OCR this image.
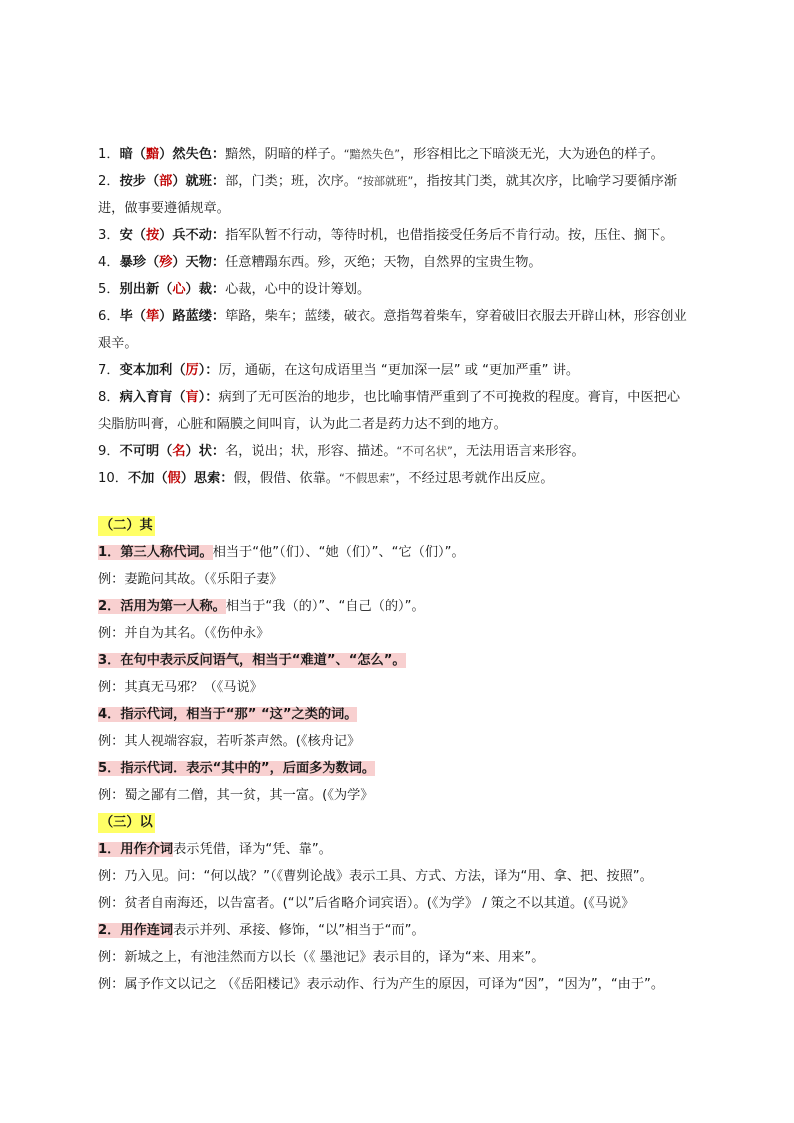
1．暗（黯）然失色：黯然，阴暗的样子。“黯然失色”，形容相比之下暗淡无光，大为逊色的样子。
2．按步（部）就班：部，门类；班，次序。“按部就班”，指按其门类，就其次序，比喻学习要循序渐
进，做事要遵循规章。
3．安（按）兵不动：指军队暂不行动，等待时机，也借指接受任务后不肯行动。按，压住、搁下。
4．暴珍（殄）天物：任意糟蹋东西。殄，灭绝；天物，自然界的宝贵生物。
5．别出新（心）裁：心裁，心中的设计筹划。
6．毕（筚）路蓝缕：筚路，柴车；蓝缕，破衣。意指驾着柴车，穿着破旧衣服去开辟山林，形容创业
艰辛。
7．变本加利（厉）：厉，通砺，在这句成语里当 “更加深一层” 或 “更加严重” 讲。
8．病入育肓（肓）：病到了无可医治的地步，也比喻事情严重到了不可挽救的程度。膏肓，中医把心
尖脂肪叫膏，心脏和隔膜之间叫肓，认为此二者是药力达不到的地方。
9．不可明（名）状：名，说出；状，形容、描述。“不可名状”，无法用语言来形容。
10．不加（假）思索：假，假借、依靠。“不假思索”，不经过思考就作出反应。
（二）其
1．第三人称代词。相当于“他”（们）、“她（们）”、“它（们）”。
例：妻跪问其故。（《乐阳子妻》
2．活用为第一人称。相当于“我（的）”、“自己（的）”。
例：并自为其名。（《伤仲永》
3．在句中表示反问语气，相当于“难道”、“怎么”。
例：其真无马邪？（《马说》
4．指示代词，相当于“那” “这”之类的词。
例：其人视端容寂，若听茶声然。(《核舟记》
5．指示代词．表示“其中的”，后面多为数词。
例：蜀之鄙有二僧，其一贫，其一富。(《为学》
（三）以
1．用作介词表示凭借，译为“凭、靠”。
例：乃入见。问：“何以战？”（《曹刿论战》表示工具、方式、方法，译为“用、拿、把、按照”。
例：贫者自南海还，以告富者。(“以”后省略介词宾语）。(《为学》 / 策之不以其道。(《马说》
2．用作连词表示并列、承接、修饰，“以”相当于“而”。
例：新城之上，有池洼然而方以长（《 墨池记》表示目的，译为“来、用来”。
例：属予作文以记之 （《岳阳楼记》表示动作、行为产生的原因，可译为“因”，“因为”，“由于”。
